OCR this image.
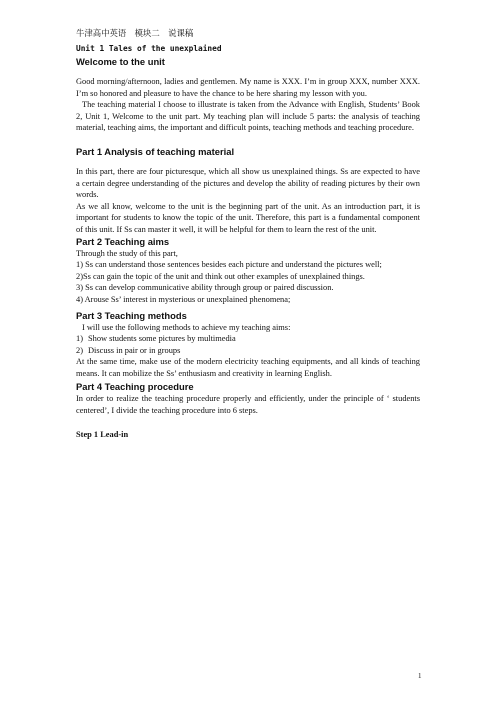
牛津高中英语　模块二　说课稿

Unit 1 Tales of the unexplained

Welcome to the unit

Good morning/afternoon, ladies and gentlemen. My name is XXX. I’m in group XXX, number XXX. I’m so honored and pleasure to have the chance to be here sharing my lesson with you.

The teaching material I choose to illustrate is taken from the Advance with English, Students’ Book 2, Unit 1, Welcome to the unit part. My teaching plan will include 5 parts: the analysis of teaching material, teaching aims, the important and difficult points, teaching methods and teaching procedure.

Part 1 Analysis of teaching material

In this part, there are four picturesque, which all show us unexplained things. Ss are expected to have a certain degree understanding of the pictures and develop the ability of reading pictures by their own words.

As we all know, welcome to the unit is the beginning part of the unit. As an introduction part, it is important for students to know the topic of the unit. Therefore, this part is a fundamental component of this unit. If Ss can master it well, it will be helpful for them to learn the rest of the unit.

Part 2 Teaching aims

Through the study of this part,

1) Ss can understand those sentences besides each picture and understand the pictures well;

2)Ss can gain the topic of the unit and think out other examples of unexplained things.

3) Ss can develop communicative ability through group or paired discussion.

4) Arouse Ss’ interest in mysterious or unexplained phenomena;

Part 3 Teaching methods

I will use the following methods to achieve my teaching aims:

1) Show students some pictures by multimedia
2) Discuss in pair or in groups

At the same time, make use of the modern electricity teaching equipments, and all kinds of teaching means. It can mobilize the Ss’ enthusiasm and creativity in learning English.

Part 4 Teaching procedure

In order to realize the teaching procedure properly and efficiently, under the principle of ‘ students centered’, I divide the teaching procedure into 6 steps.

Step 1 Lead-in

1
